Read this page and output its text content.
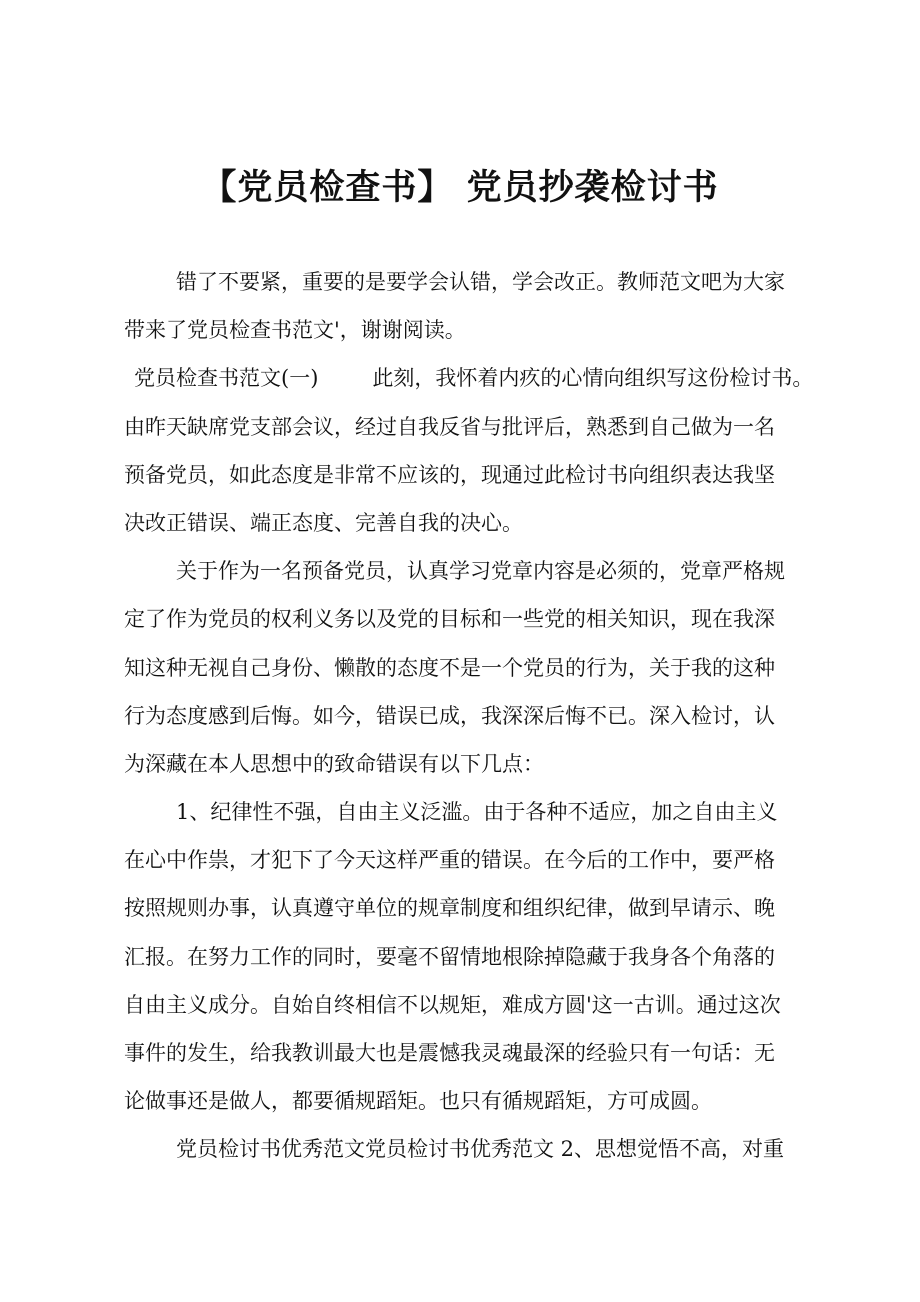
【党员检查书】 党员抄袭检讨书
错了不要紧，重要的是要学会认错，学会改正。教师范文吧为大家
带来了党员检查书范文'，谢谢阅读。
党员检查书范文(一)	此刻，我怀着内疚的心情向组织写这份检讨书。
由昨天缺席党支部会议，经过自我反省与批评后，熟悉到自己做为一名
预备党员，如此态度是非常不应该的，现通过此检讨书向组织表达我坚
决改正错误、端正态度、完善自我的决心。
关于作为一名预备党员，认真学习党章内容是必须的，党章严格规
定了作为党员的权利义务以及党的目标和一些党的相关知识，现在我深
知这种无视自己身份、懒散的态度不是一个党员的行为，关于我的这种
行为态度感到后悔。如今，错误已成，我深深后悔不已。深入检讨，认
为深藏在本人思想中的致命错误有以下几点：
1、纪律性不强，自由主义泛滥。由于各种不适应，加之自由主义
在心中作祟，才犯下了今天这样严重的错误。在今后的工作中，要严格
按照规则办事，认真遵守单位的规章制度和组织纪律，做到早请示、晚
汇报。在努力工作的同时，要毫不留情地根除掉隐藏于我身各个角落的
自由主义成分。自始自终相信不以规矩，难成方圆'这一古训。通过这次
事件的发生，给我教训最大也是震憾我灵魂最深的经验只有一句话：无
论做事还是做人，都要循规蹈矩。也只有循规蹈矩，方可成圆。
党员检讨书优秀范文党员检讨书优秀范文 2、思想觉悟不高，对重
